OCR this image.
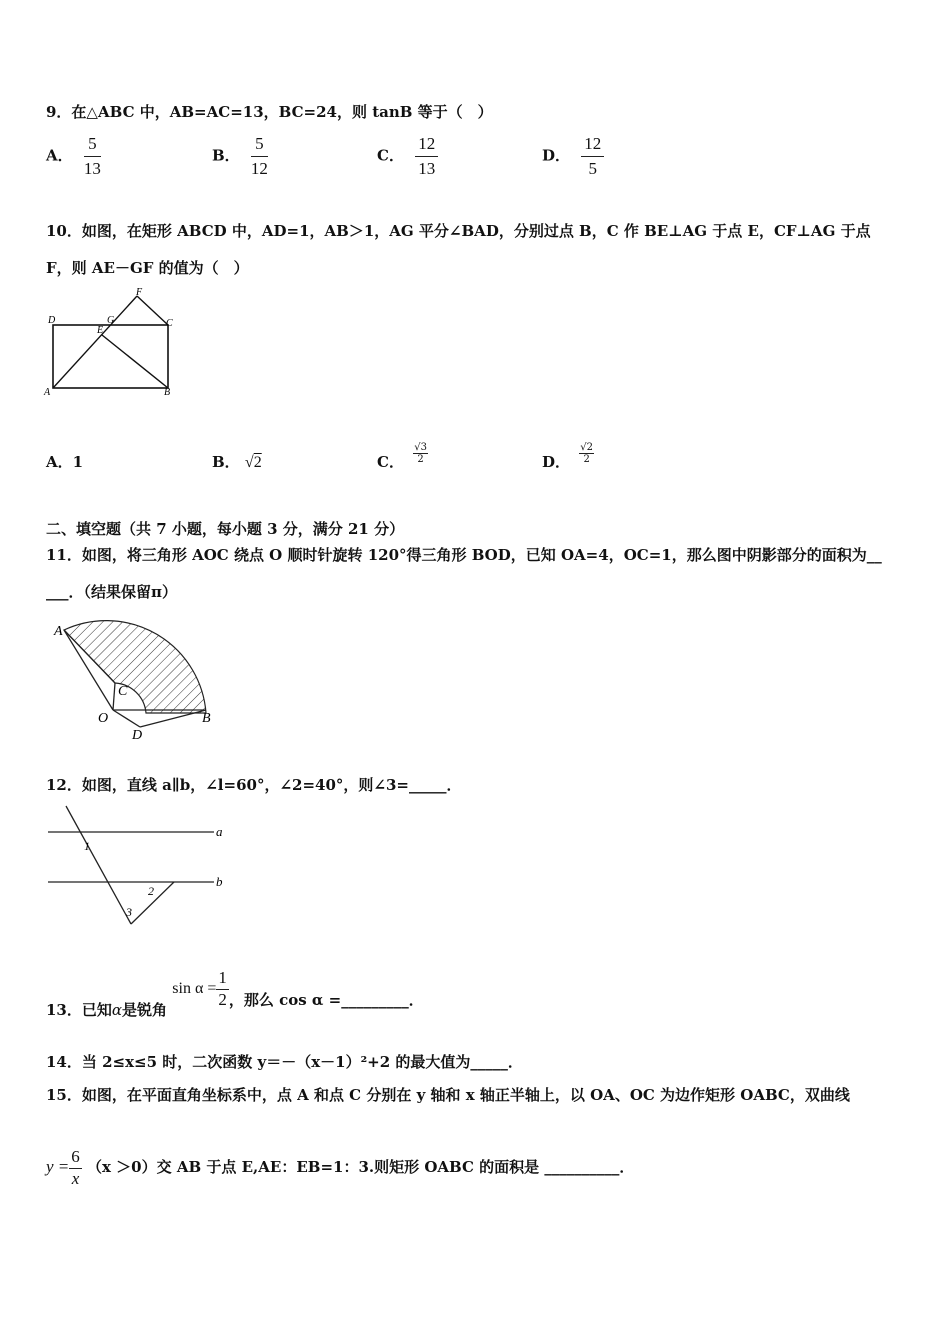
9．在△ABC 中，AB=AC=13，BC=24，则 tanB 等于（　）
A． $\frac{5}{13}$	B． $\frac{5}{12}$	C． $\frac{12}{13}$	D． $\frac{12}{5}$
10．如图，在矩形 ABCD 中，AD=1，AB＞1，AG 平分∠BAD，分别过点 B，C 作 BE⊥AG 于点 E，CF⊥AG 于点
F，则 AE－GF 的值为（　）
D	G
F
C
E
A	B
A．1	B． √2	C． $\frac{√3}{2}$	D． $\frac{√2}{2}$
二、填空题（共 7 小题，每小题 3 分，满分 21 分）
11．如图，将三角形 AOC 绕点 O 顺时针旋转 120°得三角形 BOD，已知 OA=4，OC=1，那么图中阴影部分的面积为__
___．（结果保留π）
A
C
O	B
D
12．如图，直线 a∥b，∠l=60°，∠2=40°，则∠3=_____．
a
b
1
2
3
13．已知α是锐角 $\sin \alpha = \frac{1}{2}$ ，那么 cos α =_________．
14．当 2≤x≤5 时，二次函数 y＝－（x－1）²+2 的最大值为_____．
15．如图，在平面直角坐标系中，点 A 和点 C 分别在 y 轴和 x 轴正半轴上，以 OA、OC 为边作矩形 OABC，双曲线
$y = \frac{6}{x} (x >0)$交 AB 于点 E,AE：EB=1：3.则矩形 OABC 的面积是 __________．
